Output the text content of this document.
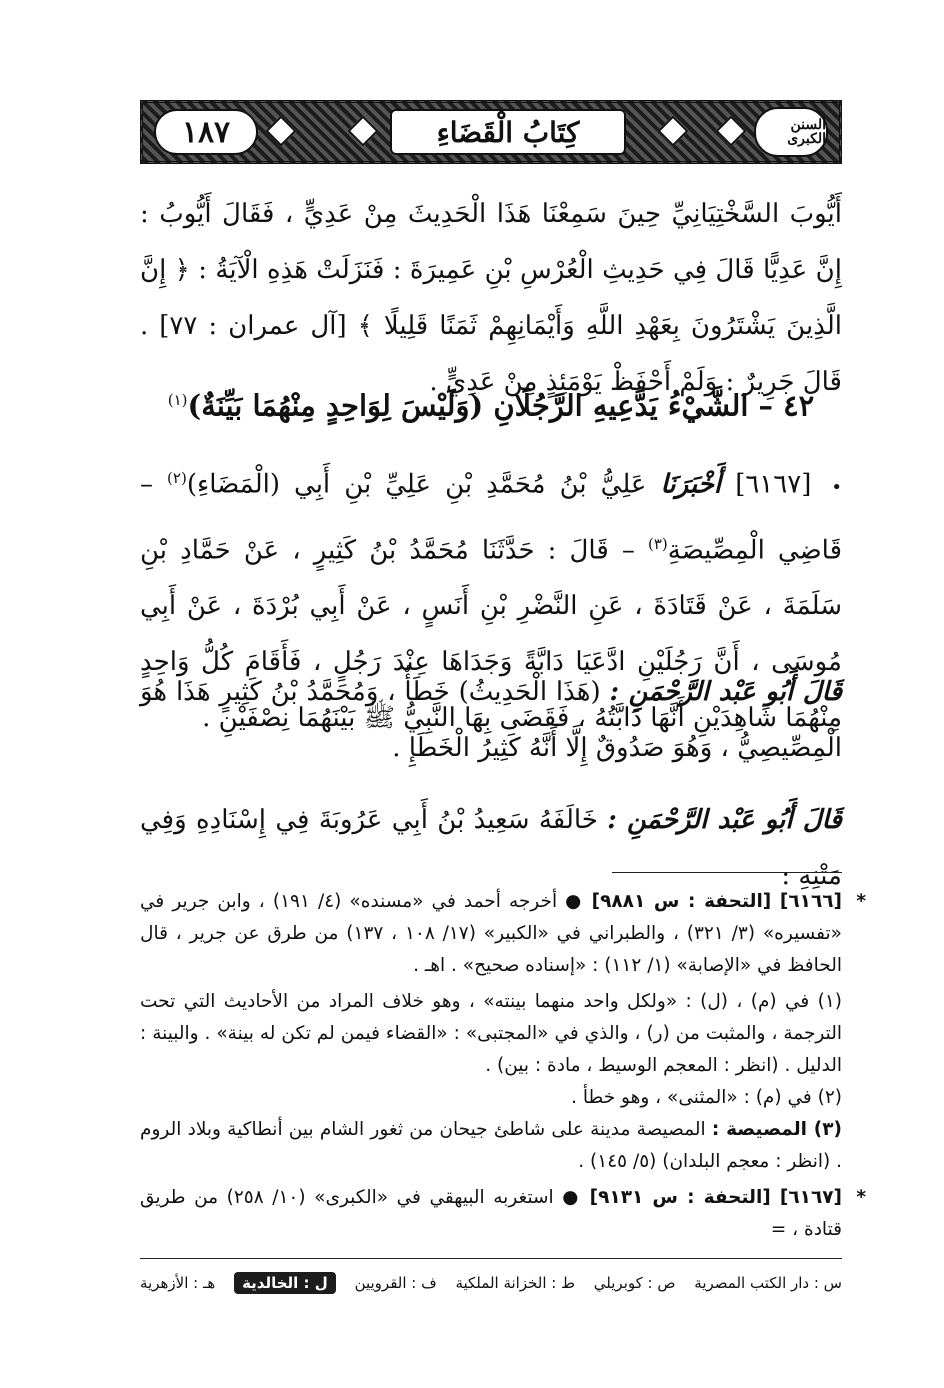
١٨٧	كِتَابُ الْقَضَاءِ	السنن الكبرى

أَيُّوبَ السَّخْتِيَانِيِّ حِينَ سَمِعْنَا هَذَا الْحَدِيثَ مِنْ عَدِيٍّ ، فَقَالَ أَيُّوبُ : إِنَّ عَدِيًّا قَالَ فِي حَدِيثِ الْعُرْسِ بْنِ عَمِيرَةَ : فَنَزَلَتْ هَذِهِ الْآيَةُ : ﴿ إِنَّ الَّذِينَ يَشْتَرُونَ بِعَهْدِ اللَّهِ وَأَيْمَانِهِمْ ثَمَنًا قَلِيلًا ﴾ [آل عمران : ٧٧] . قَالَ جَرِيرٌ : وَلَمْ أَحْفَظْ يَوْمَئِذٍ مِنْ عَدِيٍّ .

٤٢ – الشَّيْءُ يَدَّعِيهِ الرَّجُلَانِ (وَلَيْسَ لِوَاحِدٍ مِنْهُمَا بَيِّنَةٌ)$^{(١)}$

• [٦١٦٧] أَخْبَرَنَا عَلِيُّ بْنُ مُحَمَّدِ بْنِ عَلِيِّ بْنِ أَبِي (الْمَضَاءِ)$^{(٢)}$ – قَاضِي الْمِصِّيصَةِ$^{(٣)}$ – قَالَ : حَدَّثَنَا مُحَمَّدُ بْنُ كَثِيرٍ ، عَنْ حَمَّادِ بْنِ سَلَمَةَ ، عَنْ قَتَادَةَ ، عَنِ النَّضْرِ بْنِ أَنَسٍ ، عَنْ أَبِي بُرْدَةَ ، عَنْ أَبِي مُوسَى ، أَنَّ رَجُلَيْنِ ادَّعَيَا دَابَّةً وَجَدَاهَا عِنْدَ رَجُلٍ ، فَأَقَامَ كُلُّ وَاحِدٍ مِنْهُمَا شَاهِدَيْنِ أَنَّهَا دَابَّتُهُ ، فَقَضَى بِهَا النَّبِيُّ ﷺ بَيْنَهُمَا نِصْفَيْنِ .

قَالَ أَبُو عَبْد الرَّحْمَنِ : (هَذَا الْحَدِيثُ) خَطَأٌ ، وَمُحَمَّدُ بْنُ كَثِيرٍ هَذَا هُوَ الْمِصِّيصِيُّ ، وَهُوَ صَدُوقٌ إِلَّا أَنَّهُ كَثِيرُ الْخَطَإِ .

قَالَ أَبُو عَبْد الرَّحْمَنِ : خَالَفَهُ سَعِيدُ بْنُ أَبِي عَرُوبَةَ فِي إِسْنَادِهِ وَفِي مَتْنِهِ :

*

[٦١٦٦] [التحفة : س ٩٨٨١] ● أخرجه أحمد في «مسنده» (٤/ ١٩١) ، وابن جرير في «تفسيره» (٣/ ٣٢١) ، والطبراني في «الكبير» (١٧/ ١٠٨ ، ١٣٧) من طرق عن جرير ، قال الحافظ في «الإصابة» (١/ ١١٢) : «إسناده صحيح» . اهـ .

(١) في (م) ، (ل) : «ولكل واحد منهما بينته» ، وهو خلاف المراد من الأحاديث التي تحت الترجمة ، والمثبت من (ر) ، والذي في «المجتبى» : «القضاء فيمن لم تكن له بينة» . والبينة : الدليل . (انظر : المعجم الوسيط ، مادة : بين) .

(٢) في (م) : «المثنى» ، وهو خطأ .

(٣) المصيصة : المصيصة مدينة على شاطئ جيحان من ثغور الشام بين أنطاكية وبلاد الروم . (انظر : معجم البلدان) (٥/ ١٤٥) .

*

[٦١٦٧] [التحفة : س ٩١٣١] ● استغربه البيهقي في «الكبرى» (١٠/ ٢٥٨) من طريق قتادة ، =

س : دار الكتب المصرية
ص : كوبريلي
ط : الخزانة الملكية
ف : القرويين
ل : الخالدية
هـ : الأزهرية
